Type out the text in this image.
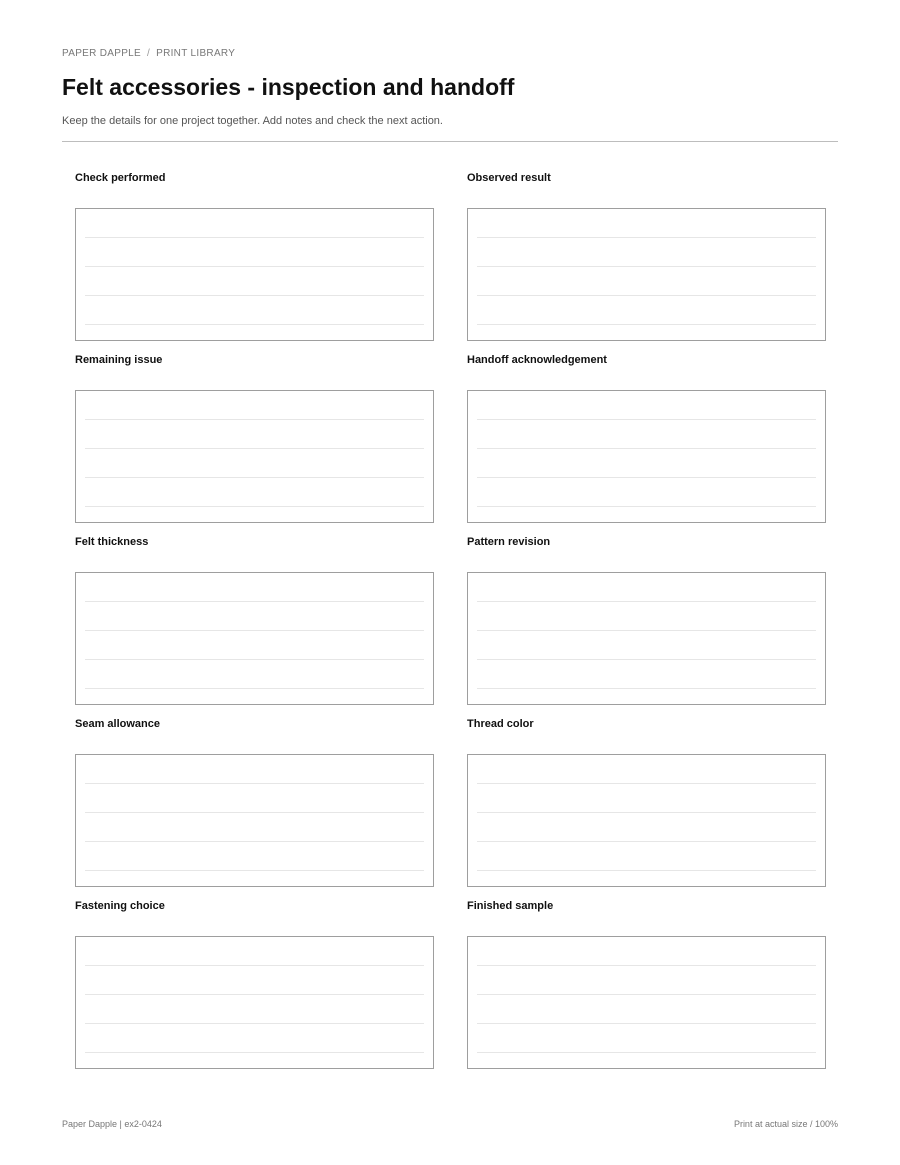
PAPER DAPPLE / PRINT LIBRARY
Felt accessories - inspection and handoff

Keep the details for one project together. Add notes and check the next action.

Check performed	Observed result
Remaining issue	Handoff acknowledgement
Felt thickness	Pattern revision
Seam allowance	Thread color
Fastening choice	Finished sample
Paper Dapple | ex2-0424	Print at actual size / 100%
